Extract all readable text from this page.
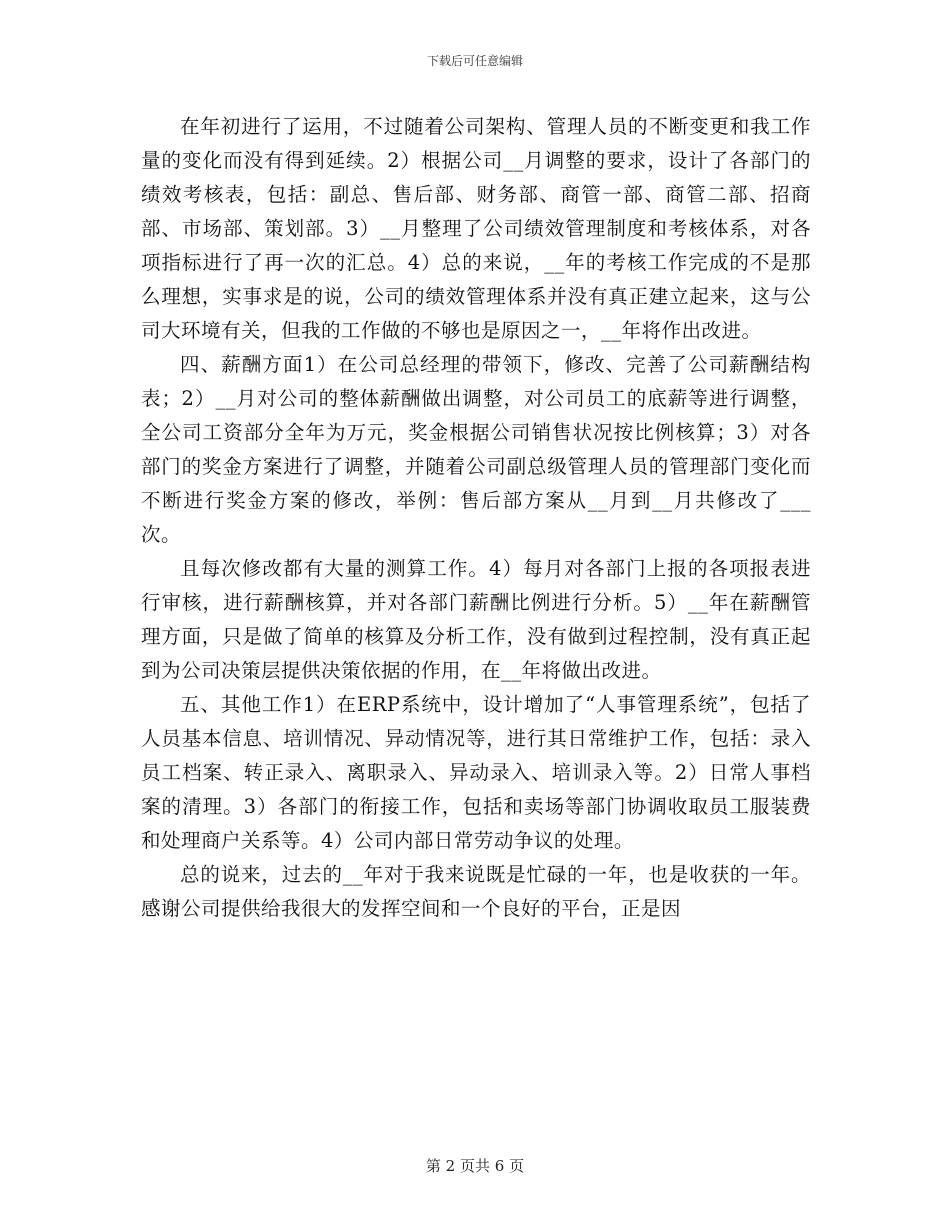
下载后可任意编辑

在年初进行了运用，不过随着公司架构、管理人员的不断变更和我工作量的变化而没有得到延续。2）根据公司__月调整的要求，设计了各部门的绩效考核表，包括：副总、售后部、财务部、商管一部、商管二部、招商部、市场部、策划部。3）__月整理了公司绩效管理制度和考核体系，对各项指标进行了再一次的汇总。4）总的来说，__年的考核工作完成的不是那么理想，实事求是的说，公司的绩效管理体系并没有真正建立起来，这与公司大环境有关，但我的工作做的不够也是原因之一，__年将作出改进。

四、薪酬方面1）在公司总经理的带领下，修改、完善了公司薪酬结构表；2）__月对公司的整体薪酬做出调整，对公司员工的底薪等进行调整，全公司工资部分全年为万元，奖金根据公司销售状况按比例核算；3）对各部门的奖金方案进行了调整，并随着公司副总级管理人员的管理部门变化而不断进行奖金方案的修改，举例：售后部方案从__月到__月共修改了___次。

且每次修改都有大量的测算工作。4）每月对各部门上报的各项报表进行审核，进行薪酬核算，并对各部门薪酬比例进行分析。5）__年在薪酬管理方面，只是做了简单的核算及分析工作，没有做到过程控制，没有真正起到为公司决策层提供决策依据的作用，在__年将做出改进。

五、其他工作1）在ERP系统中，设计增加了“人事管理系统”，包括了人员基本信息、培训情况、异动情况等，进行其日常维护工作，包括：录入员工档案、转正录入、离职录入、异动录入、培训录入等。2）日常人事档案的清理。3）各部门的衔接工作，包括和卖场等部门协调收取员工服装费和处理商户关系等。4）公司内部日常劳动争议的处理。

总的说来，过去的__年对于我来说既是忙碌的一年，也是收获的一年。感谢公司提供给我很大的发挥空间和一个良好的平台，正是因

第 2 页共 6 页
